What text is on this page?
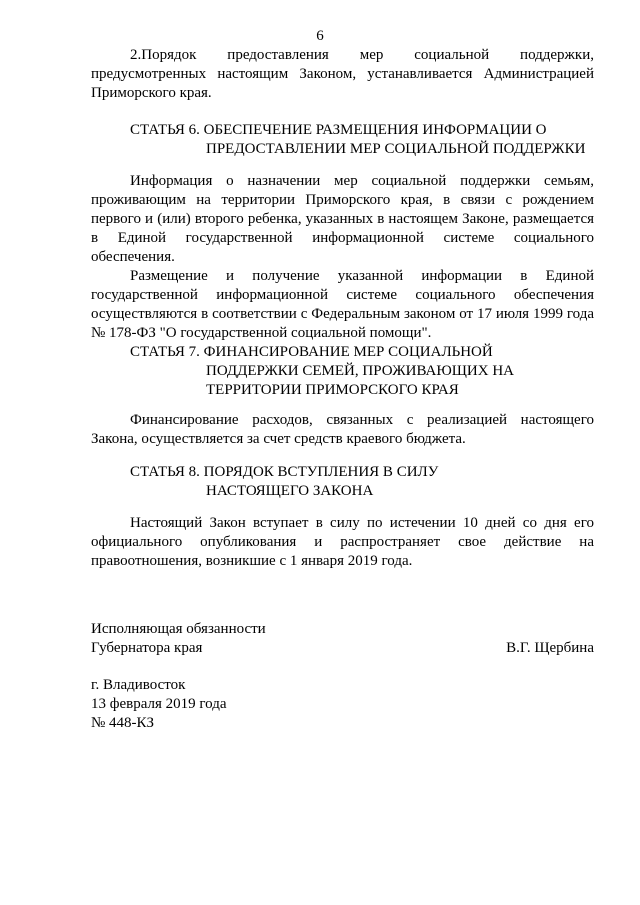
6

2.Порядок предоставления мер социальной поддержки, предусмотренных настоящим Законом, устанавливается Администрацией Приморского края.

СТАТЬЯ 6. ОБЕСПЕЧЕНИЕ РАЗМЕЩЕНИЯ ИНФОРМАЦИИ О
ПРЕДОСТАВЛЕНИИ МЕР СОЦИАЛЬНОЙ ПОДДЕРЖКИ

Информация о назначении мер социальной поддержки семьям, проживающим на территории Приморского края, в связи с рождением первого и (или) второго ребенка, указанных в настоящем Законе, размещается в Единой государственной информационной системе социального обеспечения.

Размещение и получение указанной информации в Единой государственной информационной системе социального обеспечения осуществляются в соответствии с Федеральным законом от 17 июля 1999 года № 178-ФЗ "О государственной социальной помощи".

СТАТЬЯ 7. ФИНАНСИРОВАНИЕ МЕР СОЦИАЛЬНОЙ
ПОДДЕРЖКИ СЕМЕЙ, ПРОЖИВАЮЩИХ НА
ТЕРРИТОРИИ ПРИМОРСКОГО КРАЯ

Финансирование расходов, связанных с реализацией настоящего Закона, осуществляется за счет средств краевого бюджета.

СТАТЬЯ 8. ПОРЯДОК ВСТУПЛЕНИЯ В СИЛУ
НАСТОЯЩЕГО ЗАКОНА

Настоящий Закон вступает в силу по истечении 10 дней со дня его официального опубликования и распространяет свое действие на правоотношения, возникшие с 1 января 2019 года.

Исполняющая обязанности
Губернатора края	В.Г. Щербина
г. Владивосток
13 февраля 2019 года
№ 448-КЗ
